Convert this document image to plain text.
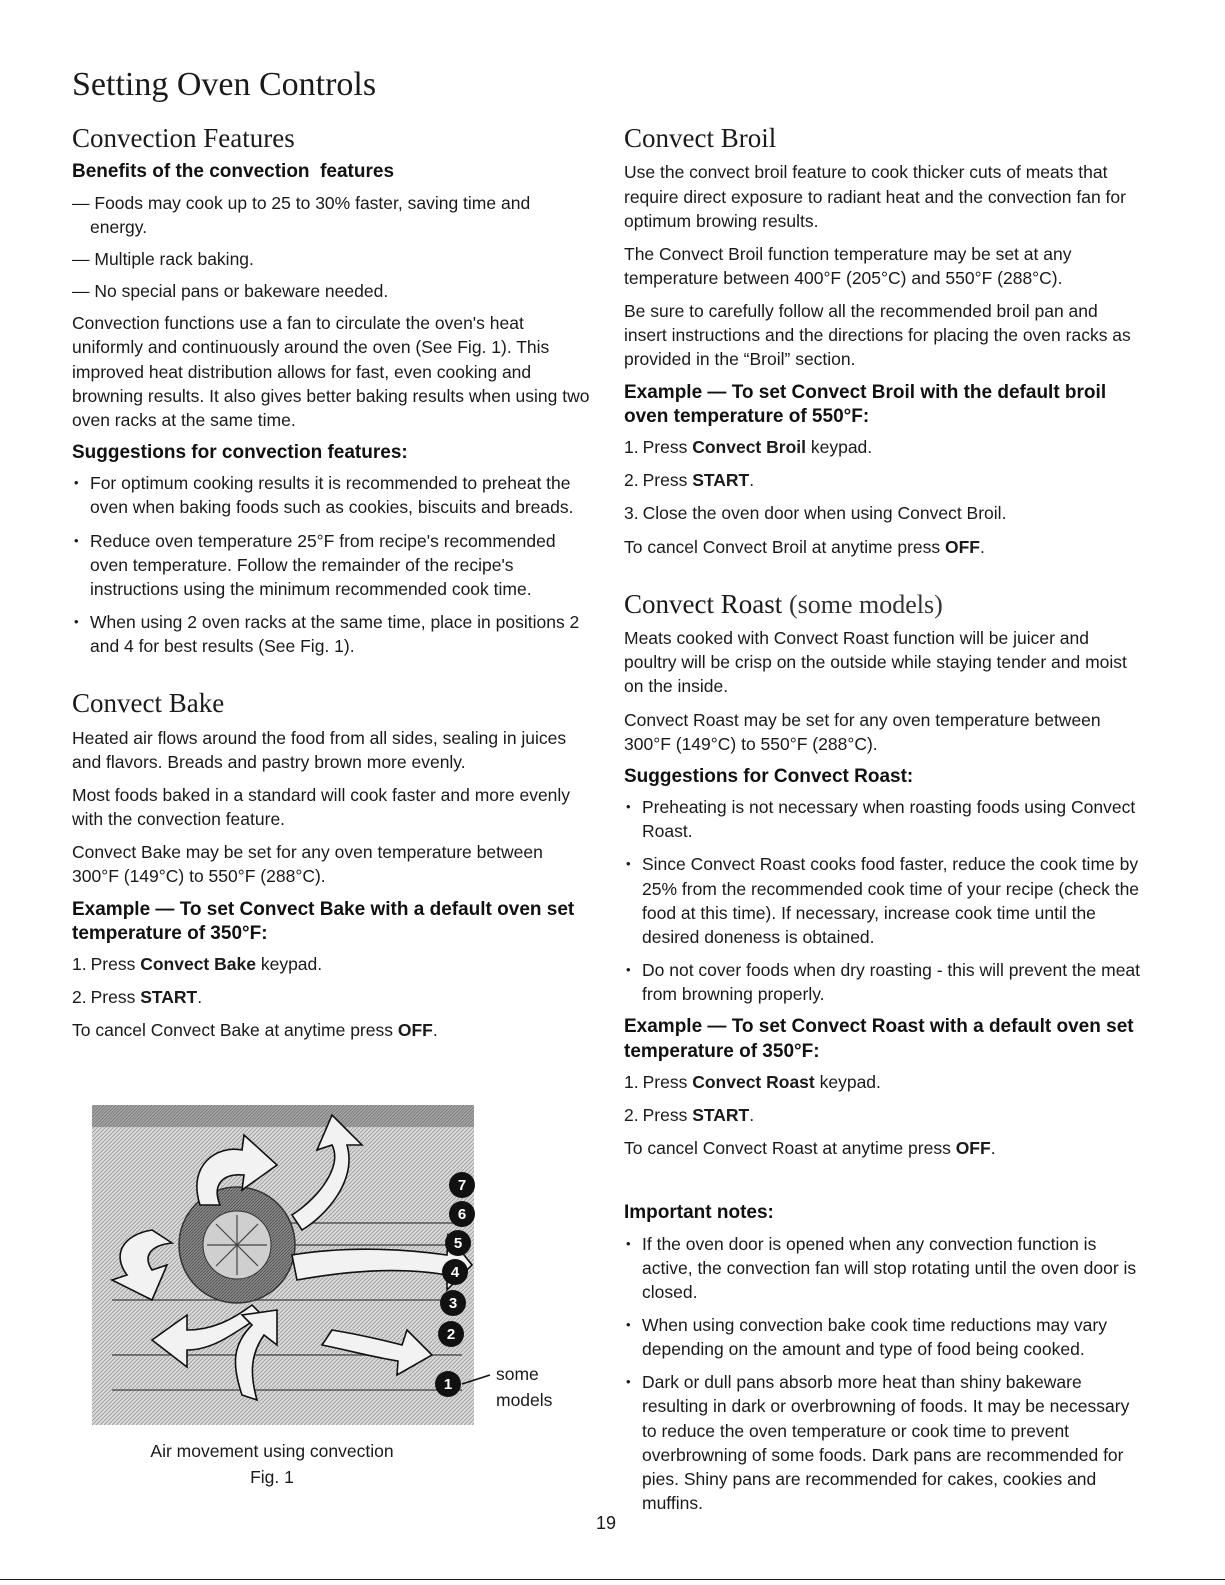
Setting Oven Controls
Convection Features
Benefits of the convection  features
— Foods may cook up to 25 to 30% faster, saving time and    energy.
— Multiple rack baking.
— No special pans or bakeware needed.

Convection functions use a fan to circulate the oven's heat uniformly and continuously around the oven (See Fig. 1). This improved heat distribution allows for fast, even cooking and browning results. It also gives better baking results when using two oven racks at the same time.

Suggestions for convection features:
• For optimum cooking results it is recommended to preheat the oven when baking foods such as cookies, biscuits and breads.
• Reduce oven temperature 25°F from recipe's recommended oven temperature. Follow the remainder of the recipe's instructions using the minimum recommended cook time.
• When using 2 oven racks at the same time, place in positions 2 and 4 for best results (See Fig. 1).
Convect Bake

Heated air flows around the food from all sides, sealing in juices and flavors. Breads and pastry brown more evenly.

Most foods baked in a standard will cook faster and more evenly with the convection feature.

Convect Bake may be set for any oven temperature between 300°F (149°C) to 550°F (288°C).

Example — To set Convect Bake with a default oven set temperature of 350°F:
1. Press Convect Bake keypad.
2. Press START.

To cancel Convect Bake at anytime press OFF.

7
6
5
4
3
2
1
some models
Air movement using convection
Fig. 1
Convect Broil

Use the convect broil feature to cook thicker cuts of meats that require direct exposure to radiant heat and the convection fan for optimum browing results.

The Convect Broil function temperature may be set at any temperature between 400°F (205°C) and 550°F (288°C).

Be sure to carefully follow all the recommended broil pan and insert instructions and the directions for placing the oven racks as provided in the “Broil” section.

Example — To set Convect Broil with the default broil oven temperature of 550°F:
1. Press Convect Broil keypad.
2. Press START.
3. Close the oven door when using Convect Broil.

To cancel Convect Broil at anytime press OFF.

Convect Roast (some models)

Meats cooked with Convect Roast function will be juicer and poultry will be crisp on the outside while staying tender and moist on the inside.

Convect Roast may be set for any oven temperature between 300°F (149°C) to 550°F (288°C).

Suggestions for Convect Roast:
• Preheating is not necessary when roasting foods using Convect Roast.
• Since Convect Roast cooks food faster, reduce the cook time by 25% from the recommended cook time of your recipe (check the food at this time). If necessary, increase cook time until the desired doneness is obtained.
• Do not cover foods when dry roasting - this will prevent the meat from browning properly.
Example — To set Convect Roast with a default oven set temperature of 350°F:
1. Press Convect Roast keypad.
2. Press START.

To cancel Convect Roast at anytime press OFF.

Important notes:
• If the oven door is opened when any convection function is active, the convection fan will stop rotating until the oven door is closed.
• When using convection bake cook time reductions may vary depending on the amount and type of food being cooked.
• Dark or dull pans absorb more heat than shiny bakeware resulting in dark or overbrowning of foods. It may be necessary to reduce the oven temperature or cook time to prevent overbrowning of some foods. Dark pans are recommended for pies. Shiny pans are recommended for cakes, cookies and muffins.
19
